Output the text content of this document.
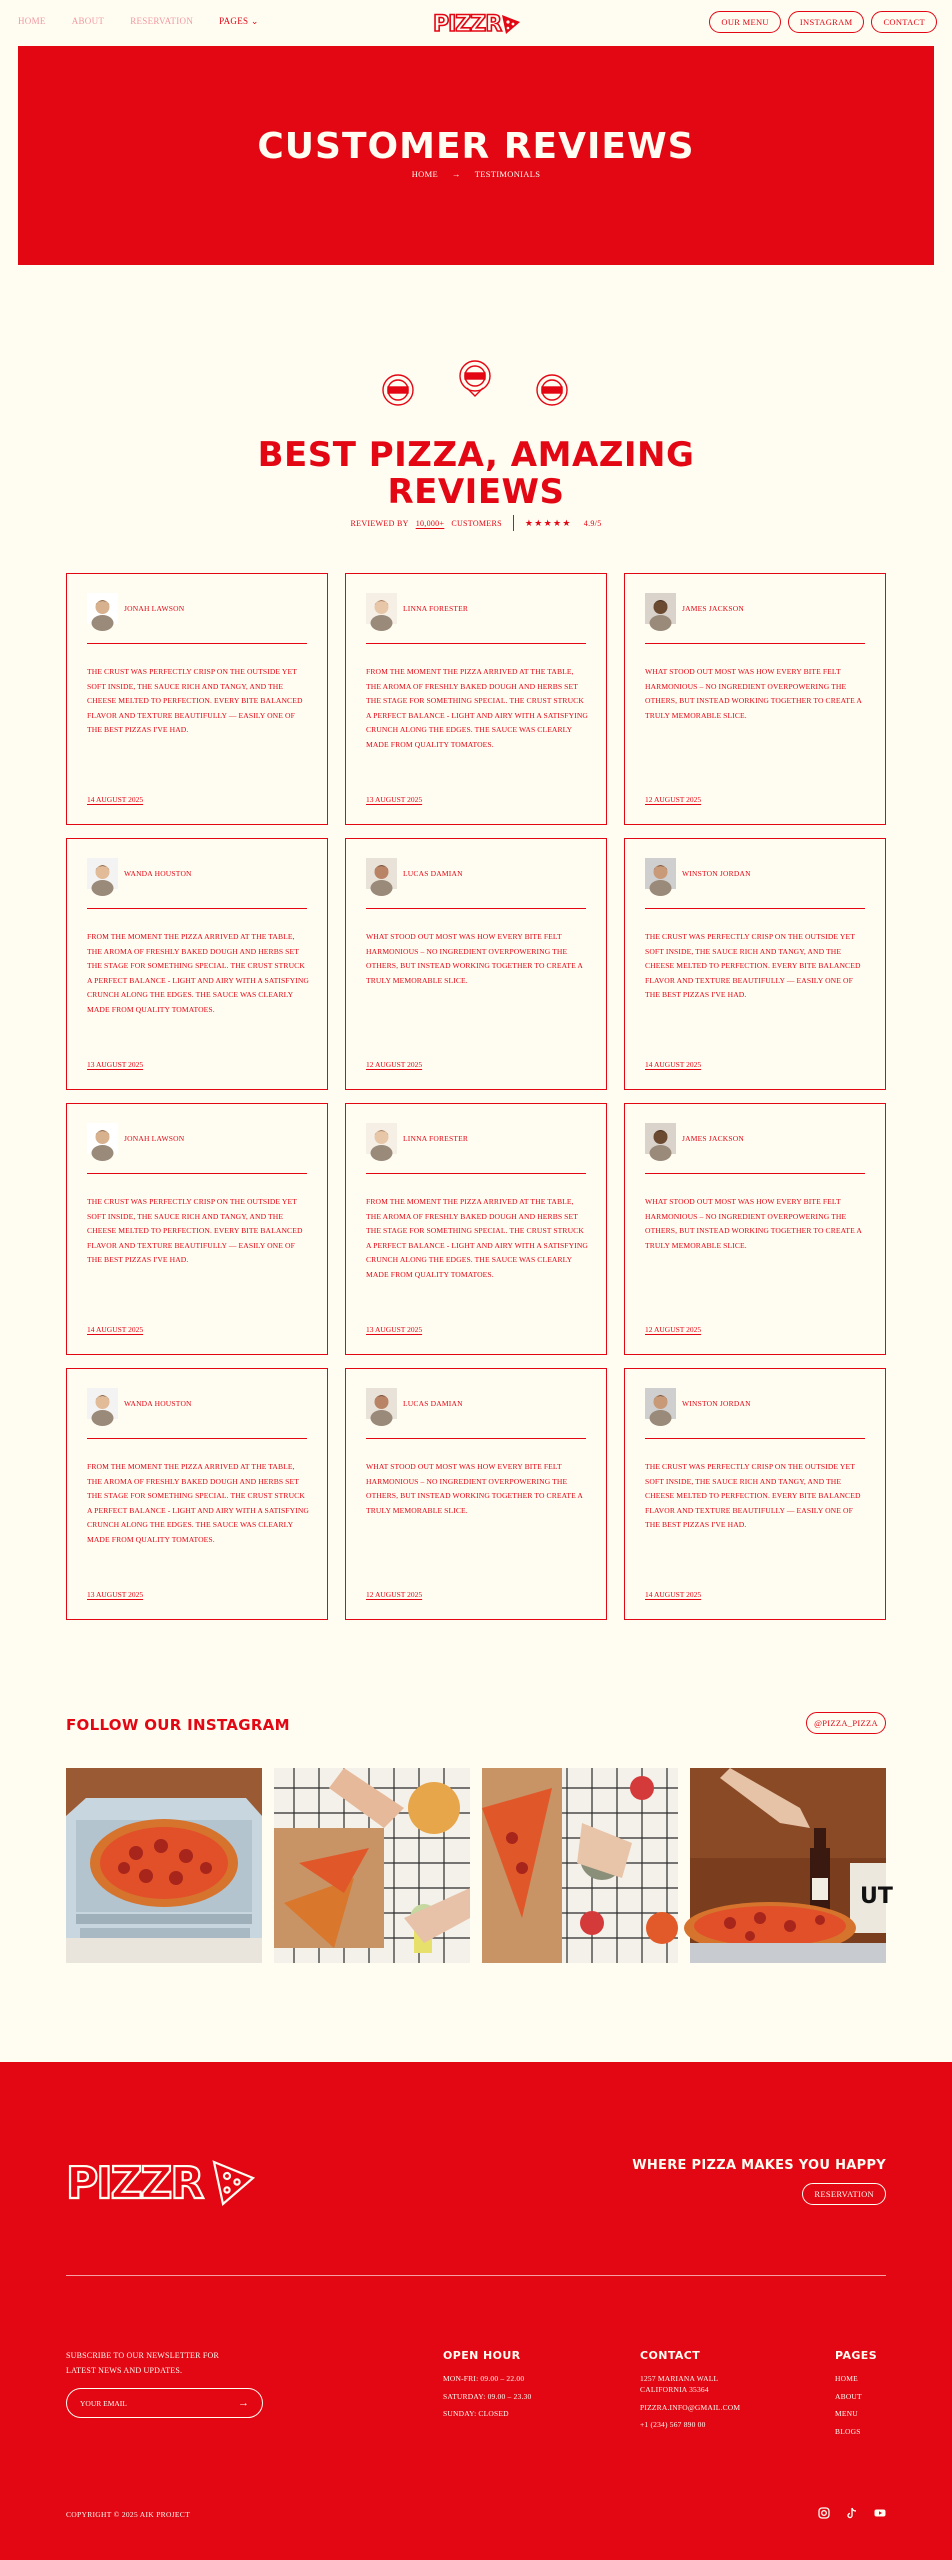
HOME	ABOUT	RESERVATION	PAGES ⌄	PIZZR	OUR MENU	INSTAGRAM	CONTACT
CUSTOMER REVIEWS
HOME → TESTIMONIALS
BEST PIZZA, AMAZING
REVIEWS
REVIEWED BY 10,000+ CUSTOMERS	★ ★ ★ ★ ★ 4.9/5
JONAH LAWSON
THE CRUST WAS PERFECTLY CRISP ON THE OUTSIDE YET SOFT INSIDE, THE SAUCE RICH AND TANGY, AND THE CHEESE MELTED TO PERFECTION. EVERY BITE BALANCED FLAVOR AND TEXTURE BEAUTIFULLY — EASILY ONE OF THE BEST PIZZAS I'VE HAD.
14 AUGUST 2025
LINNA FORESTER
FROM THE MOMENT THE PIZZA ARRIVED AT THE TABLE, THE AROMA OF FRESHLY BAKED DOUGH AND HERBS SET THE STAGE FOR SOMETHING SPECIAL. THE CRUST STRUCK A PERFECT BALANCE - LIGHT AND AIRY WITH A SATISFYING CRUNCH ALONG THE EDGES. THE SAUCE WAS CLEARLY MADE FROM QUALITY TOMATOES.
13 AUGUST 2025
JAMES JACKSON
WHAT STOOD OUT MOST WAS HOW EVERY BITE FELT HARMONIOUS – NO INGREDIENT OVERPOWERING THE OTHERS, BUT INSTEAD WORKING TOGETHER TO CREATE A TRULY MEMORABLE SLICE.
12 AUGUST 2025
WANDA HOUSTON
FROM THE MOMENT THE PIZZA ARRIVED AT THE TABLE, THE AROMA OF FRESHLY BAKED DOUGH AND HERBS SET THE STAGE FOR SOMETHING SPECIAL. THE CRUST STRUCK A PERFECT BALANCE - LIGHT AND AIRY WITH A SATISFYING CRUNCH ALONG THE EDGES. THE SAUCE WAS CLEARLY MADE FROM QUALITY TOMATOES.
13 AUGUST 2025
LUCAS DAMIAN
WHAT STOOD OUT MOST WAS HOW EVERY BITE FELT HARMONIOUS – NO INGREDIENT OVERPOWERING THE OTHERS, BUT INSTEAD WORKING TOGETHER TO CREATE A TRULY MEMORABLE SLICE.
12 AUGUST 2025
WINSTON JORDAN
THE CRUST WAS PERFECTLY CRISP ON THE OUTSIDE YET SOFT INSIDE, THE SAUCE RICH AND TANGY, AND THE CHEESE MELTED TO PERFECTION. EVERY BITE BALANCED FLAVOR AND TEXTURE BEAUTIFULLY — EASILY ONE OF THE BEST PIZZAS I'VE HAD.
14 AUGUST 2025
JONAH LAWSON
THE CRUST WAS PERFECTLY CRISP ON THE OUTSIDE YET SOFT INSIDE, THE SAUCE RICH AND TANGY, AND THE CHEESE MELTED TO PERFECTION. EVERY BITE BALANCED FLAVOR AND TEXTURE BEAUTIFULLY — EASILY ONE OF THE BEST PIZZAS I'VE HAD.
14 AUGUST 2025
LINNA FORESTER
FROM THE MOMENT THE PIZZA ARRIVED AT THE TABLE, THE AROMA OF FRESHLY BAKED DOUGH AND HERBS SET THE STAGE FOR SOMETHING SPECIAL. THE CRUST STRUCK A PERFECT BALANCE - LIGHT AND AIRY WITH A SATISFYING CRUNCH ALONG THE EDGES. THE SAUCE WAS CLEARLY MADE FROM QUALITY TOMATOES.
13 AUGUST 2025
JAMES JACKSON
WHAT STOOD OUT MOST WAS HOW EVERY BITE FELT HARMONIOUS – NO INGREDIENT OVERPOWERING THE OTHERS, BUT INSTEAD WORKING TOGETHER TO CREATE A TRULY MEMORABLE SLICE.
12 AUGUST 2025
WANDA HOUSTON
FROM THE MOMENT THE PIZZA ARRIVED AT THE TABLE, THE AROMA OF FRESHLY BAKED DOUGH AND HERBS SET THE STAGE FOR SOMETHING SPECIAL. THE CRUST STRUCK A PERFECT BALANCE - LIGHT AND AIRY WITH A SATISFYING CRUNCH ALONG THE EDGES. THE SAUCE WAS CLEARLY MADE FROM QUALITY TOMATOES.
13 AUGUST 2025
LUCAS DAMIAN
WHAT STOOD OUT MOST WAS HOW EVERY BITE FELT HARMONIOUS – NO INGREDIENT OVERPOWERING THE OTHERS, BUT INSTEAD WORKING TOGETHER TO CREATE A TRULY MEMORABLE SLICE.
12 AUGUST 2025
WINSTON JORDAN
THE CRUST WAS PERFECTLY CRISP ON THE OUTSIDE YET SOFT INSIDE, THE SAUCE RICH AND TANGY, AND THE CHEESE MELTED TO PERFECTION. EVERY BITE BALANCED FLAVOR AND TEXTURE BEAUTIFULLY — EASILY ONE OF THE BEST PIZZAS I'VE HAD.
14 AUGUST 2025
FOLLOW OUR INSTAGRAM	@PIZZA_PIZZA
UT
PIZZR	WHERE PIZZA MAKES YOU HAPPY
RESERVATION
SUBSCRIBE TO OUR NEWSLETTER FOR LATEST NEWS AND UPDATES.
YOUR EMAIL	→
OPEN HOUR
MON-FRI: 09.00 – 22.00
SATURDAY: 09.00 – 23.30
SUNDAY: CLOSED
CONTACT
1257 MARIANA WALL CALIFORNIA 35364
PIZZRA.INFO@GMAIL.COM
+1 (234) 567 890 00
PAGES
HOME
ABOUT
MENU
BLOGS
COPYRIGHT © 2025 AIK PROJECT
